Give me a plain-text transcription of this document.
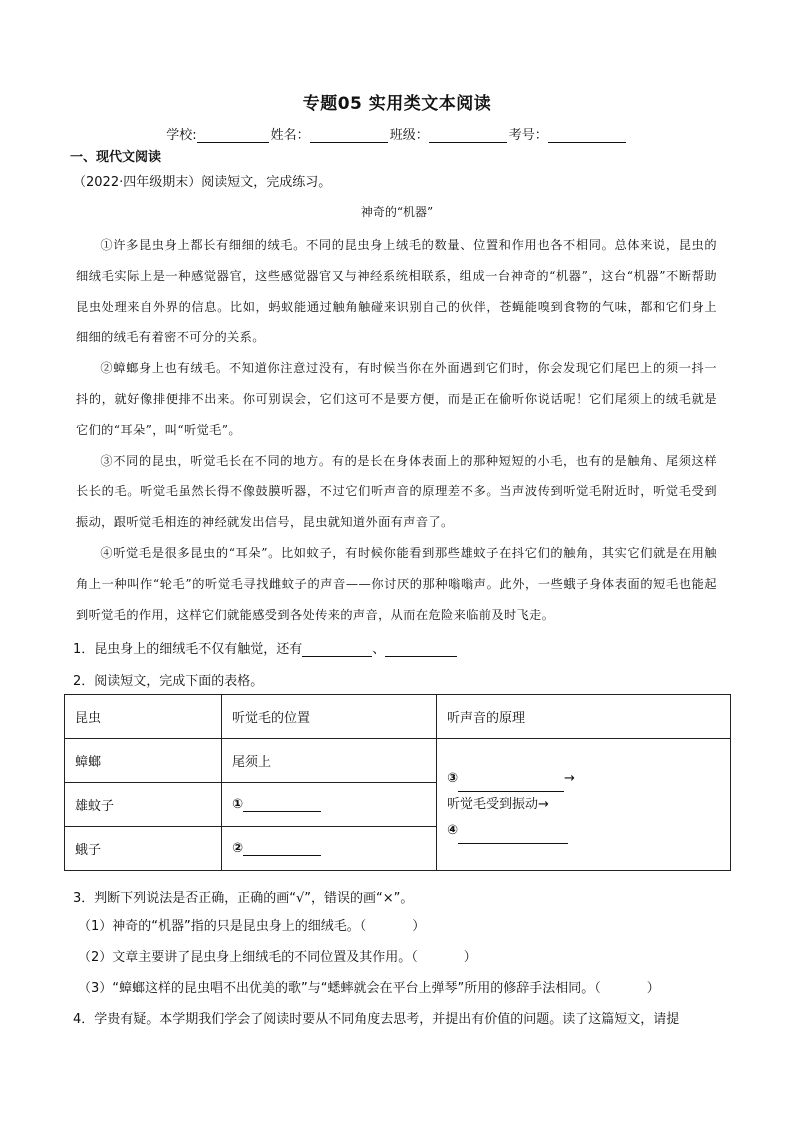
专题05 实用类文本阅读
学校:	姓名：	班级：	考号：
一、现代文阅读
（2022·四年级期末）阅读短文，完成练习。
神奇的“机器”

①许多昆虫身上都长有细细的绒毛。不同的昆虫身上绒毛的数量、位置和作用也各不相同。总体来说，昆虫的细绒毛实际上是一种感觉器官，这些感觉器官又与神经系统相联系，组成一台神奇的“机器”，这台“机器”不断帮助昆虫处理来自外界的信息。比如，蚂蚁能通过触角触碰来识别自己的伙伴，苍蝇能嗅到食物的气味，都和它们身上细细的绒毛有着密不可分的关系。

②蟑螂身上也有绒毛。不知道你注意过没有，有时候当你在外面遇到它们时，你会发现它们尾巴上的须一抖一抖的，就好像排便排不出来。你可别误会，它们这可不是要方便，而是正在偷听你说话呢！它们尾须上的绒毛就是它们的“耳朵”，叫“听觉毛”。

③不同的昆虫，听觉毛长在不同的地方。有的是长在身体表面上的那种短短的小毛，也有的是触角、尾须这样长长的毛。听觉毛虽然长得不像鼓膜听器，不过它们听声音的原理差不多。当声波传到听觉毛附近时，听觉毛受到振动，跟听觉毛相连的神经就发出信号，昆虫就知道外面有声音了。

④听觉毛是很多昆虫的“耳朵”。比如蚊子，有时候你能看到那些雄蚊子在抖它们的触角，其实它们就是在用触角上一种叫作“轮毛”的听觉毛寻找雌蚊子的声音——你讨厌的那种嗡嗡声。此外，一些蛾子身体表面的短毛也能起到听觉毛的作用，这样它们就能感受到各处传来的声音，从而在危险来临前及时飞走。

1．昆虫身上的细绒毛不仅有触觉，还有	、
2．阅读短文，完成下面的表格。
昆虫	听觉毛的位置	听声音的原理
蟑螂	尾须上	③ →
听觉毛受到振动→
④

雄蚊子	①	
蛾子	②	
3．判断下列说法是否正确，正确的画“√”，错误的画“×”。
（1）神奇的“机器”指的只是昆虫身上的细绒毛。（	）
（2）文章主要讲了昆虫身上细绒毛的不同位置及其作用。（	）
（3）“蟑螂这样的昆虫唱不出优美的歌”与“蟋蟀就会在平台上弹琴”所用的修辞手法相同。（	）
4．学贵有疑。本学期我们学会了阅读时要从不同角度去思考，并提出有价值的问题。读了这篇短文，请提
